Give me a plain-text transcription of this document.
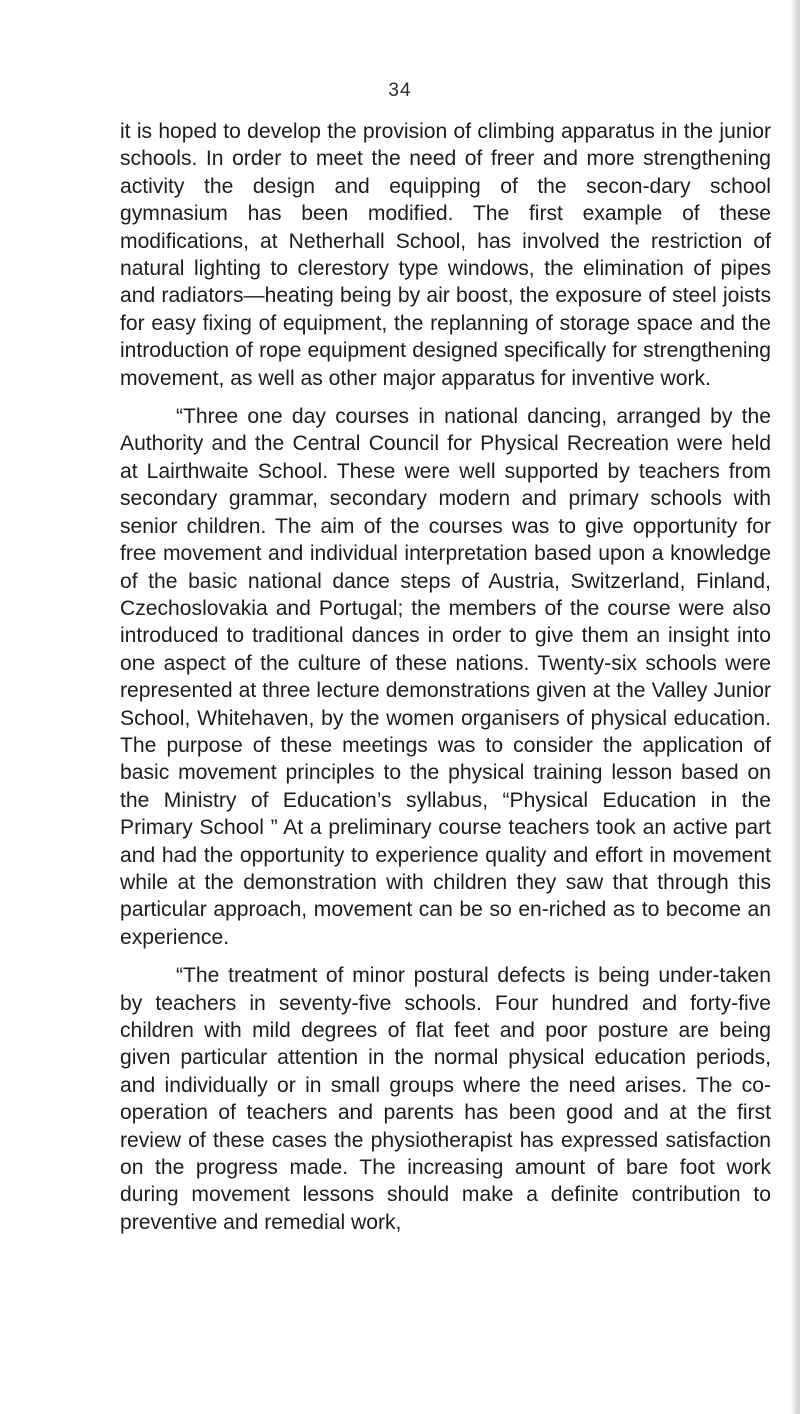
34

it is hoped to develop the provision of climbing apparatus in the junior schools. In order to meet the need of freer and more strengthening activity the design and equipping of the secon-dary school gymnasium has been modified. The first example of these modifications, at Netherhall School, has involved the restriction of natural lighting to clerestory type windows, the elimination of pipes and radiators—heating being by air boost, the exposure of steel joists for easy fixing of equipment, the replanning of storage space and the introduction of rope equipment designed specifically for strengthening movement, as well as other major apparatus for inventive work.

“Three one day courses in national dancing, arranged by the Authority and the Central Council for Physical Recreation were held at Lairthwaite School. These were well supported by teachers from secondary grammar, secondary modern and primary schools with senior children. The aim of the courses was to give opportunity for free movement and individual interpretation based upon a knowledge of the basic national dance steps of Austria, Switzerland, Finland, Czechoslovakia and Portugal; the members of the course were also introduced to traditional dances in order to give them an insight into one aspect of the culture of these nations. Twenty-six schools were represented at three lecture demonstrations given at the Valley Junior School, Whitehaven, by the women organisers of physical education. The purpose of these meetings was to consider the application of basic movement principles to the physical training lesson based on the Ministry of Education’s syllabus, “Physical Education in the Primary School ” At a preliminary course teachers took an active part and had the opportunity to experience quality and effort in movement while at the demonstration with children they saw that through this particular approach, movement can be so en-riched as to become an experience.

“The treatment of minor postural defects is being under-taken by teachers in seventy-five schools. Four hundred and forty-five children with mild degrees of flat feet and poor posture are being given particular attention in the normal physical education periods, and individually or in small groups where the need arises. The co-operation of teachers and parents has been good and at the first review of these cases the physiotherapist has expressed satisfaction on the progress made. The increasing amount of bare foot work during movement lessons should make a definite contribution to preventive and remedial work,
